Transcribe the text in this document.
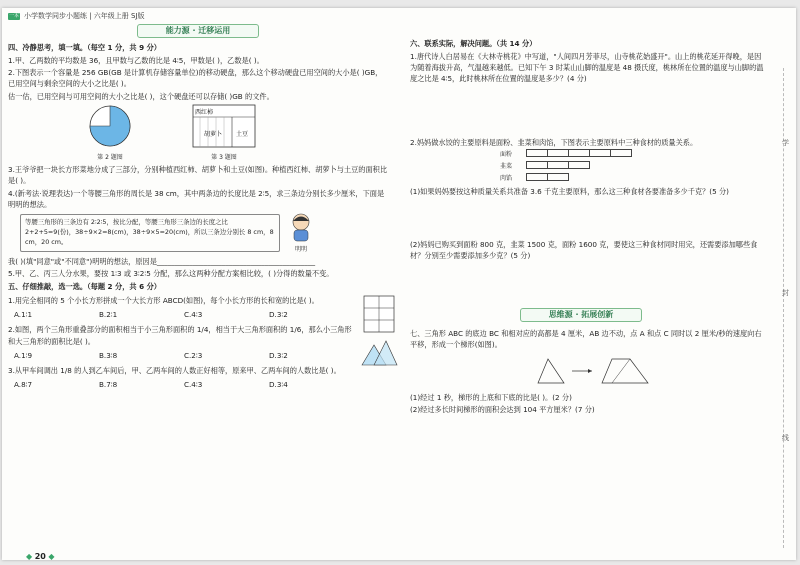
一本 小学数学同步小题练 | 六年级上册 SJ版
能力源 · 迁移运用
四、冷静思考，填一填。（每空 1 分，共 9 分）
1.甲、乙两数的平均数是 36，且甲数与乙数的比是 4∶5，甲数是( )，乙数是( )。
2.下图表示一个容量是 256 GB(GB 是计算机存储容量单位)的移动硬盘，那么这个移动硬盘已用空间的大小是( )GB，已用空间与剩余空间的大小之比是( )。
估一估，已用空间与可用空间的大小之比是( )，这个硬盘还可以存储( )GB 的文件。
第 2 题图
西红柿
胡萝卜 土豆
第 3 题图
3.王爷爷把一块长方形菜地分成了三部分，分别种植西红柿、胡萝卜和土豆(如图)。种植西红柿、胡萝卜与土豆的面积比是( )。
4.(新考法·说理表达)一个等腰三角形的周长是 38 cm，其中两条边的长度比是 2∶5，求三条边分别长多少厘米，下面是明明的想法。
等腰三角形的三条边有 2∶2∶5，按比分配，等腰三角形三条边的长度之比 2+2+5=9(份)，38÷9×2=8(cm)，38÷9×5=20(cm)，所以三条边分别长 8 cm，8 cm，20 cm。
明明
我( )(填"同意"或"不同意")明明的想法，原因是____________________________________________
5.甲、乙、丙三人分水果，要按 1∶3 或 3∶2∶5 分配，那么这两种分配方案相比较，( )分得的数量不变。
五、仔细推敲，选一选。（每题 2 分，共 6 分）
1.用完全相同的 5 个小长方形拼成一个大长方形 ABCD(如图)，每个小长方形的长和宽的比是( )。
A.1∶1	B.2∶1	C.4∶3	D.3∶2
2.如图，两个三角形重叠部分的面积相当于小三角形面积的 1/4，相当于大三角形面积的 1/6，那么小三角形和大三角形的面积比是( )。
A.1∶9	B.3∶8	C.2∶3	D.3∶2
3.从甲车间调出 1/8 的人到乙车间后，甲、乙两车间的人数正好相等，原来甲、乙两车间的人数比是( )。
A.8∶7	B.7∶8	C.4∶3	D.3∶4

六、联系实际，解决问题。（共 14 分）
1.唐代诗人白居易在《大林寺桃花》中写道，"人间四月芳菲尽，山寺桃花始盛开"。山上的桃花延开得晚，是因为随着海拔升高，气温越来越低。已知下午 3 时某山山脚的温度是 48 摄氏度，桃林所在位置的温度与山脚的温度之比是 4∶5，此时桃林所在位置的温度是多少？(4 分)
2.妈妈做水饺的主要原料是面粉、韭菜和肉馅，下图表示主要原料中三种食材的质量关系。
面粉
韭菜
肉馅
(1)如果妈妈要按这种质量关系共准备 3.6 千克主要原料，那么这三种食材各要准备多少千克？(5 分)
(2)妈妈已购买到面粉 800 克，韭菜 1500 克，面粉 1600 克，要使这三种食材同时用完，还需要添加哪些食材？分别至少需要添加多少克？(5 分)
思维源 · 拓展创新
七、三角形 ABC 的底边 BC 和相对应的高都是 4 厘米，AB 边不动，点 A 和点 C 同时以 2 厘米/秒的速度向右平移，形成一个梯形(如图)。
(1)经过 1 秒，梯形的上底和下底的比是( )。(2 分)
(2)经过多长时间梯形的面积会达到 104 平方厘米？(7 分)
学
封
线
◆ 20 ◆
